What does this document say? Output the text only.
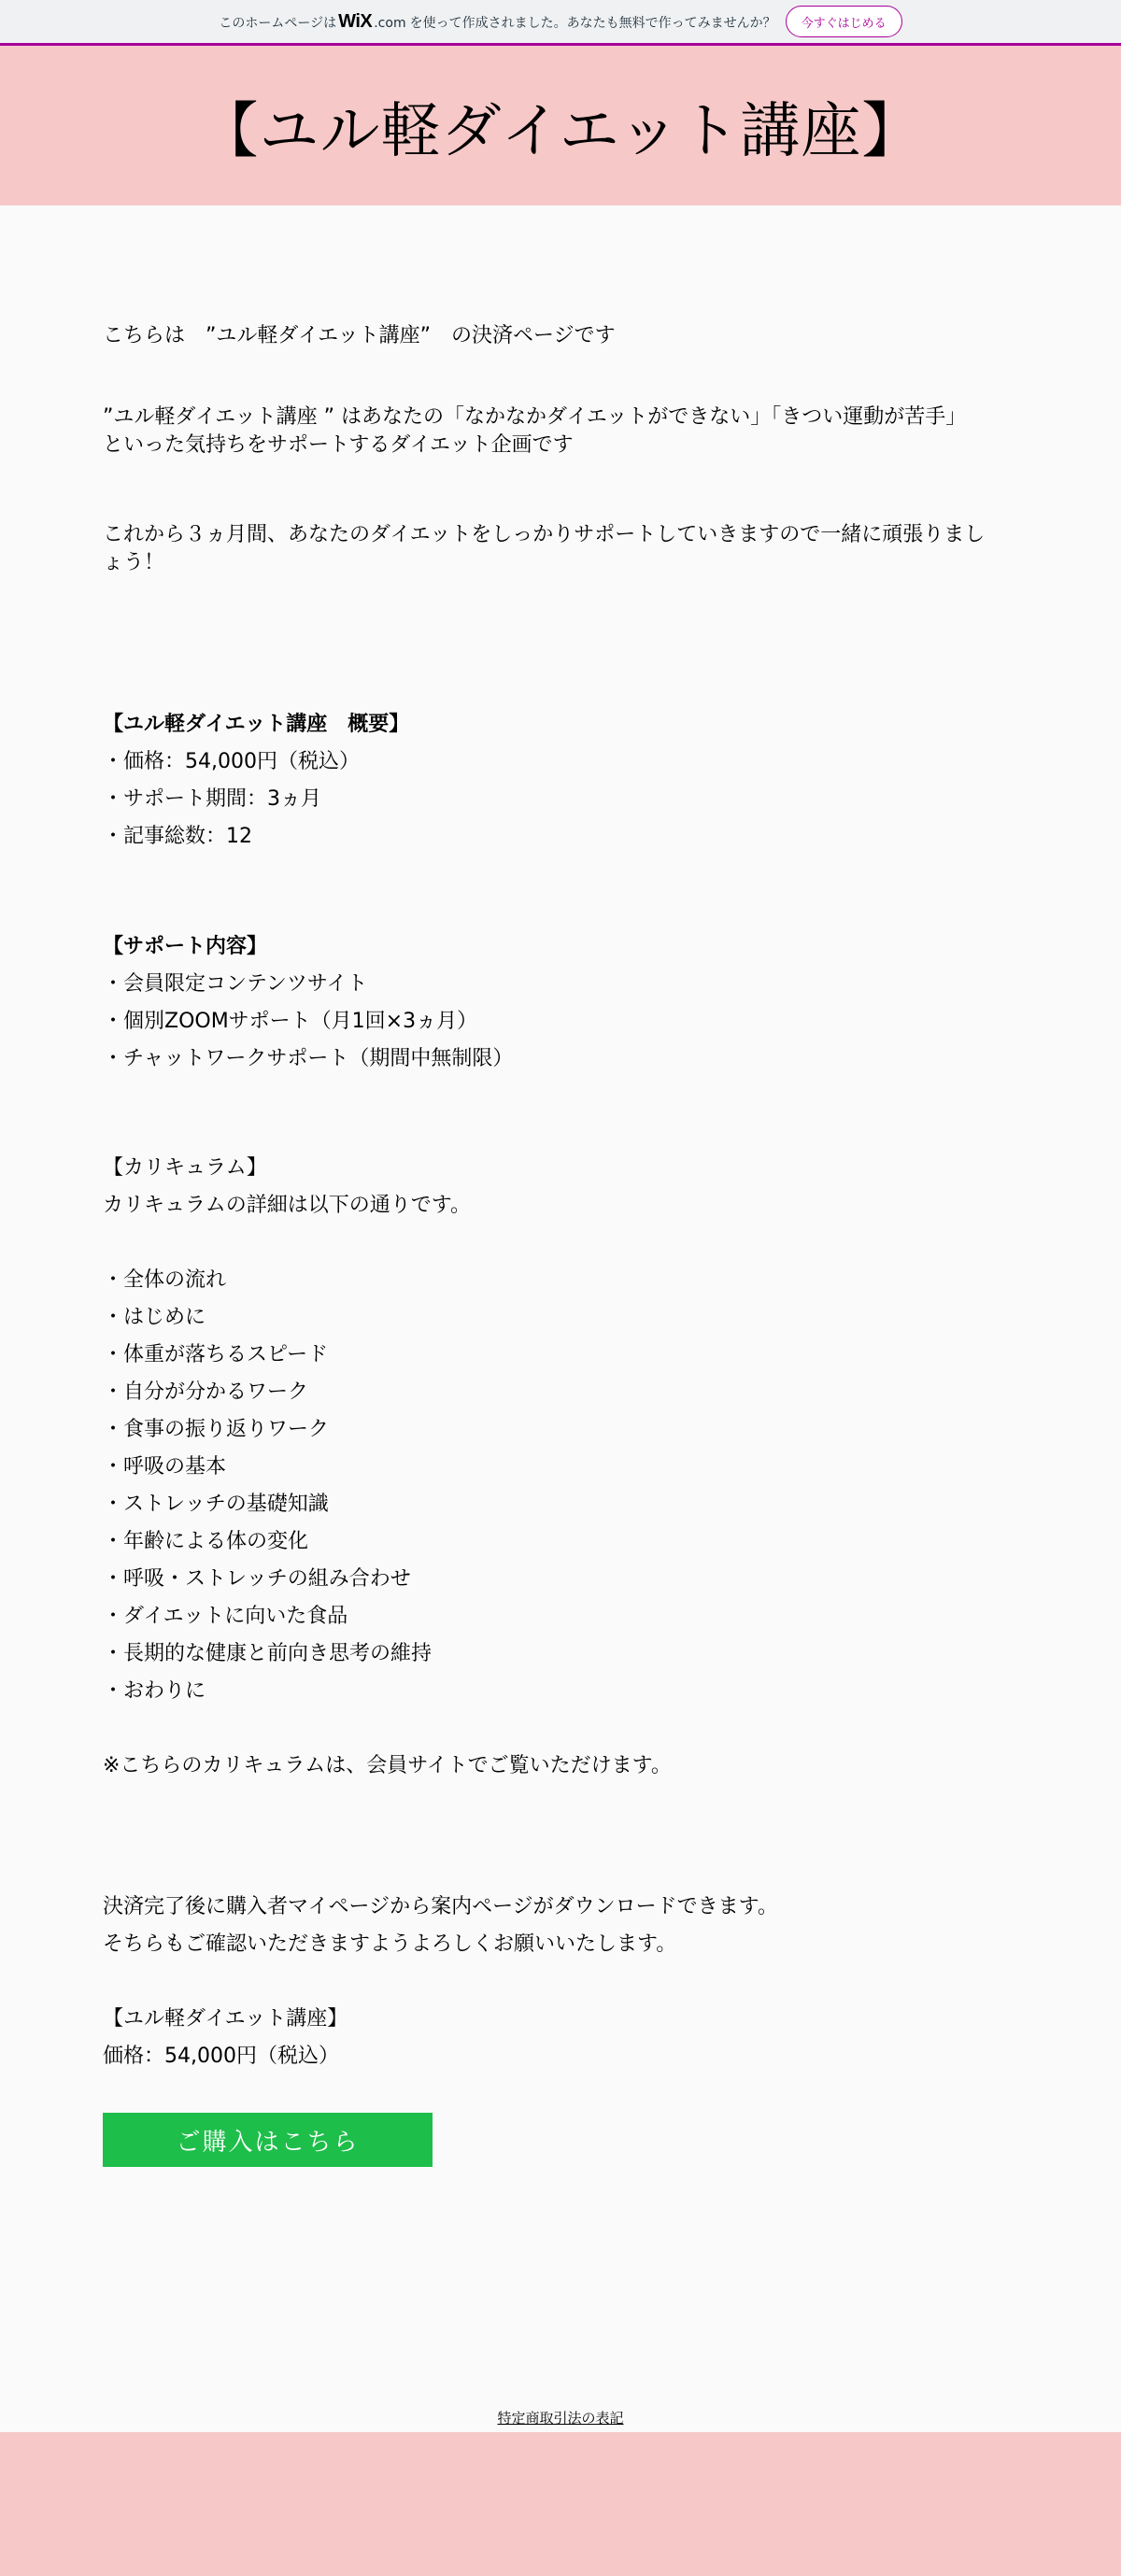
このホームページは WiX .com を使って作成されました。あなたも無料で作ってみませんか？	今すぐはじめる
【ユル軽ダイエット講座】
こちらは　”ユル軽ダイエット講座”　の決済ページです
”ユル軽ダイエット講座 ” はあなたの「なかなかダイエットができない」「きつい運動が苦手」
といった気持ちをサポートするダイエット企画です
これから３ヵ月間、あなたのダイエットをしっかりサポートしていきますので一緒に頑張りまし
ょう！
【ユル軽ダイエット講座　概要】
・価格：54,000円（税込）
・サポート期間：3ヵ月
・記事総数：12
【サポート内容】
・会員限定コンテンツサイト
・個別ZOOMサポート（月1回×3ヵ月）
・チャットワークサポート（期間中無制限）
【カリキュラム】
カリキュラムの詳細は以下の通りです。
・全体の流れ
・はじめに
・体重が落ちるスピード
・自分が分かるワーク
・食事の振り返りワーク
・呼吸の基本
・ストレッチの基礎知識
・年齢による体の変化
・呼吸・ストレッチの組み合わせ
・ダイエットに向いた食品
・長期的な健康と前向き思考の維持
・おわりに
※こちらのカリキュラムは、会員サイトでご覧いただけます。
決済完了後に購入者マイページから案内ページがダウンロードできます。
そちらもご確認いただきますようよろしくお願いいたします。
【ユル軽ダイエット講座】
価格：54,000円（税込）
ご購入はこちら
特定商取引法の表記
